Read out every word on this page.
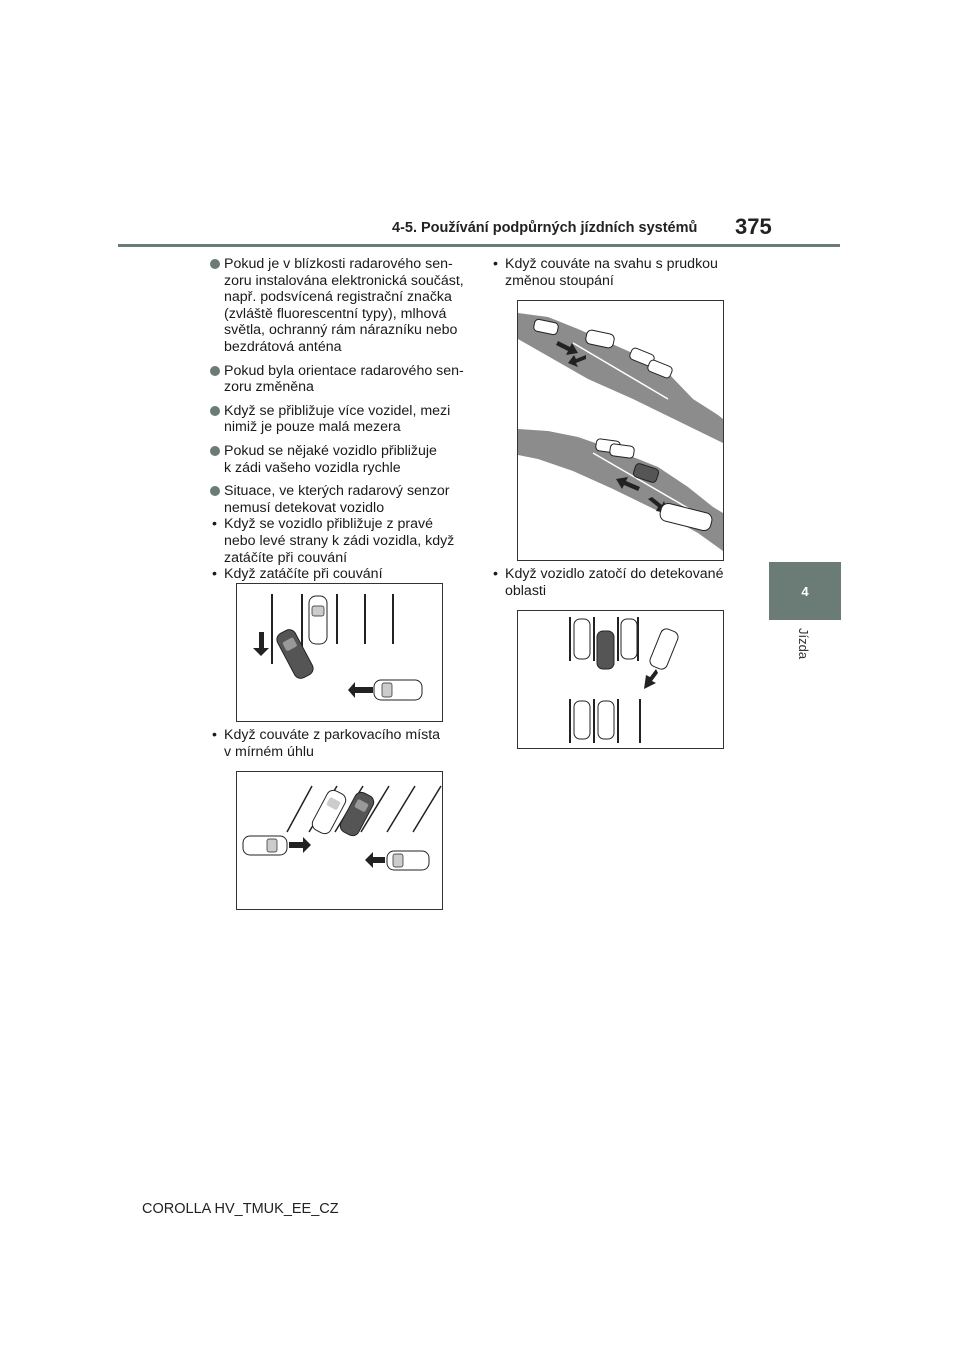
4-5. Používání podpůrných jízdních systémů 375
4
Jízda
Pokud je v blízkosti radarového sen-
zoru instalována elektronická součást,
např. podsvícená registrační značka
(zvláště fluorescentní typy), mlhová
světla, ochranný rám nárazníku nebo
bezdrátová anténa
Pokud byla orientace radarového sen-
zoru změněna
Když se přibližuje více vozidel, mezi
nimiž je pouze malá mezera
Pokud se nějaké vozidlo přibližuje
k zádi vašeho vozidla rychle
Situace, ve kterých radarový senzor
nemusí detekovat vozidlo
• Když se vozidlo přibližuje z pravé
nebo levé strany k zádi vozidla, když
zatáčíte při couvání
• Když zatáčíte při couvání
• Když couváte z parkovacího místa
v mírném úhlu
• Když couváte na svahu s prudkou
změnou stoupání
• Když vozidlo zatočí do detekované
oblasti
COROLLA HV_TMUK_EE_CZ
